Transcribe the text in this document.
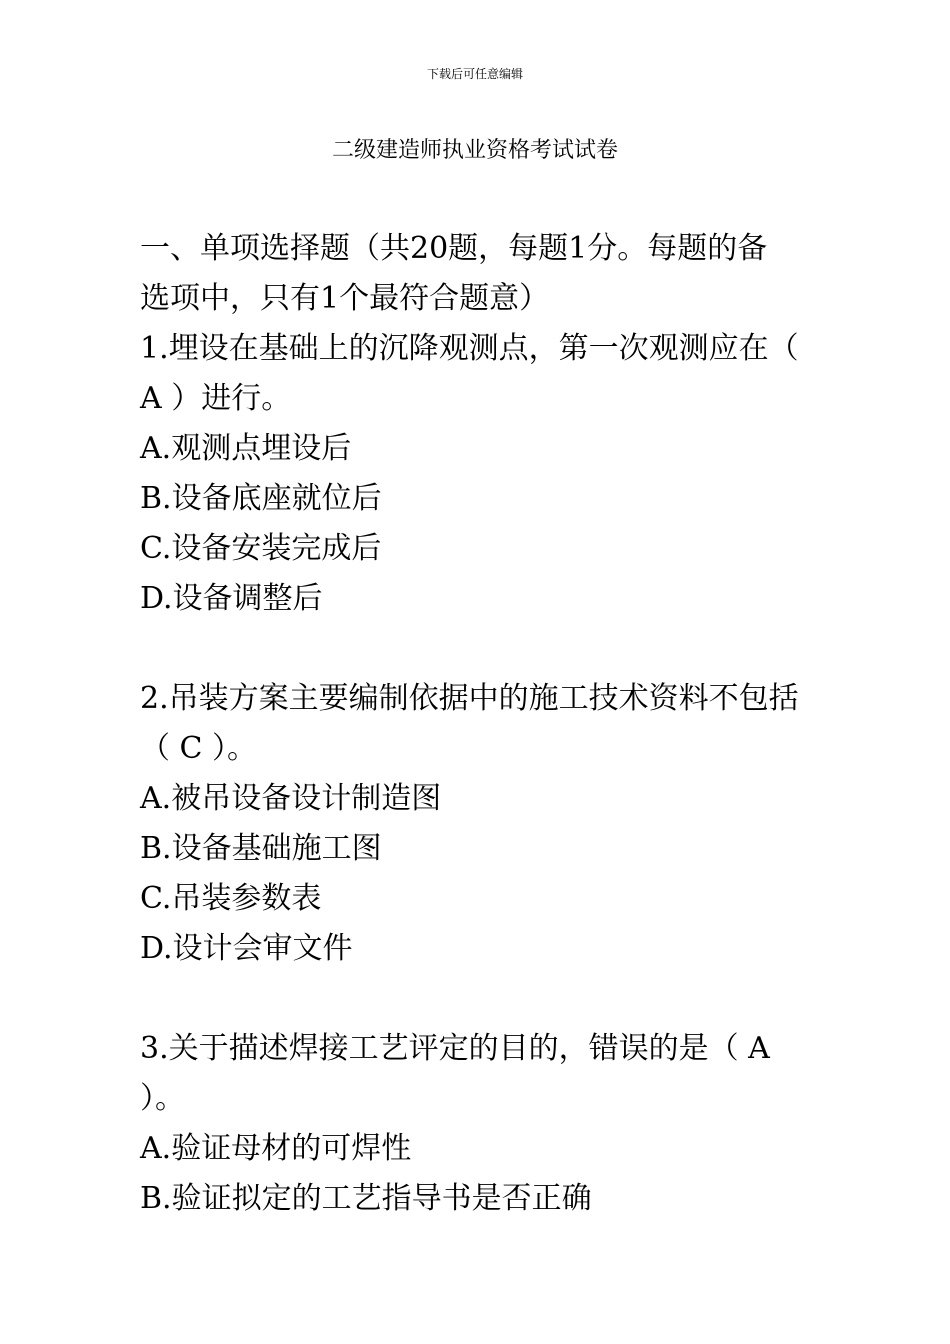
下载后可任意编辑
二级建造师执业资格考试试卷
一、单项选择题（共20题，每题1分。每题的备
选项中，只有1个最符合题意）
1.埋设在基础上的沉降观测点，第一次观测应在（
A ）进行。
A.观测点埋设后
B.设备底座就位后
C.设备安装完成后
D.设备调整后
2.吊装方案主要编制依据中的施工技术资料不包括
（ C ）。
A.被吊设备设计制造图
B.设备基础施工图
C.吊装参数表
D.设计会审文件
3.关于描述焊接工艺评定的目的，错误的是（ A
）。
A.验证母材的可焊性
B.验证拟定的工艺指导书是否正确
